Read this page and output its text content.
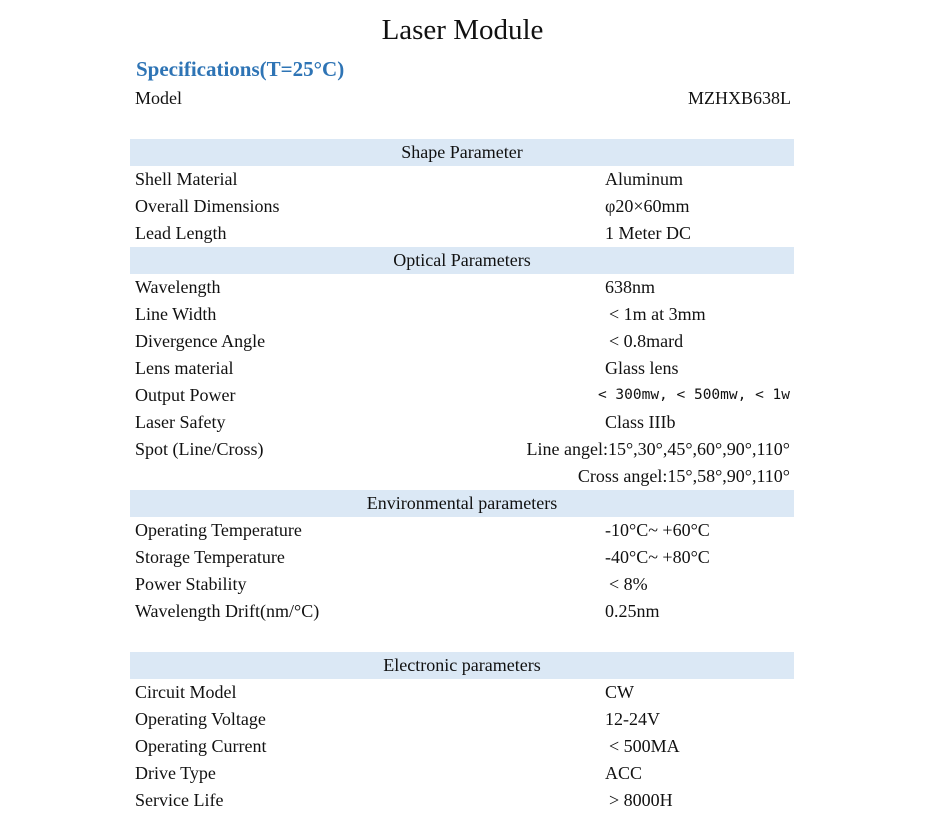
Laser Module
Specifications(T=25°C)
Model	MZHXB638L
Shape Parameter
Shell Material	Aluminum
Overall Dimensions	φ20×60mm
Lead Length	1 Meter DC
Optical Parameters
Wavelength	638nm
Line Width	< 1m at 3mm
Divergence Angle	< 0.8mard
Lens material	Glass lens
Output Power	< 300mw, < 500mw, < 1w
Laser Safety	Class IIIb
Spot (Line/Cross)	Line angel:15°,30°,45°,60°,90°,110°
Cross angel:15°,58°,90°,110°
Environmental parameters
Operating Temperature	-10°C~ +60°C
Storage Temperature	-40°C~ +80°C
Power Stability	< 8%
Wavelength Drift(nm/°C)	0.25nm
Electronic parameters
Circuit Model	CW
Operating Voltage	12-24V
Operating Current	< 500MA
Drive Type	ACC
Service Life	> 8000H
